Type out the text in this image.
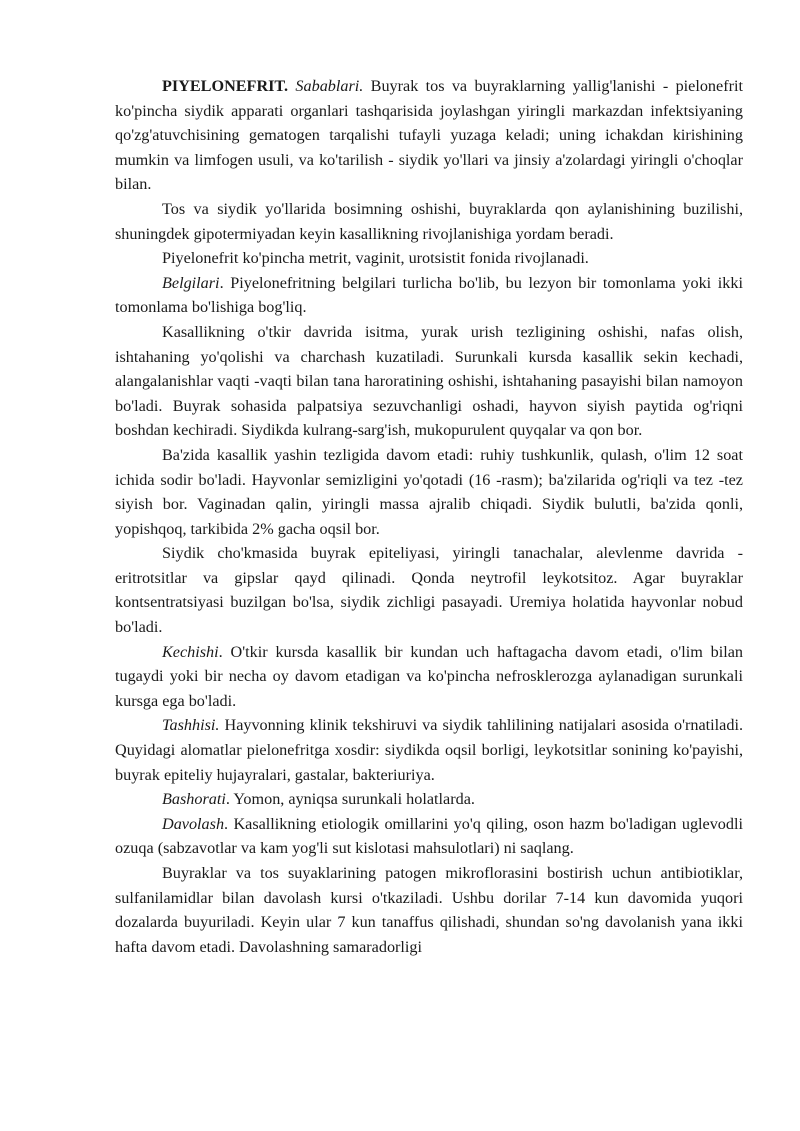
PIYELONEFRIT. Sabablari. Buyrak tos va buyraklarning yallig'lanishi - pielonefrit ko'pincha siydik apparati organlari tashqarisida joylashgan yiringli markazdan infektsiyaning qo'zg'atuvchisining gematogen tarqalishi tufayli yuzaga keladi; uning ichakdan kirishining mumkin va limfogen usuli, va ko'tarilish - siydik yo'llari va jinsiy a'zolardagi yiringli o'choqlar bilan.

Tos va siydik yo'llarida bosimning oshishi, buyraklarda qon aylanishining buzilishi, shuningdek gipotermiyadan keyin kasallikning rivojlanishiga yordam beradi.

Piyelonefrit ko'pincha metrit, vaginit, urotsistit fonida rivojlanadi.

Belgilari. Piyelonefritning belgilari turlicha bo'lib, bu lezyon bir tomonlama yoki ikki tomonlama bo'lishiga bog'liq.

Kasallikning o'tkir davrida isitma, yurak urish tezligining oshishi, nafas olish, ishtahaning yo'qolishi va charchash kuzatiladi. Surunkali kursda kasallik sekin kechadi, alangalanishlar vaqti -vaqti bilan tana haroratining oshishi, ishtahaning pasayishi bilan namoyon bo'ladi. Buyrak sohasida palpatsiya sezuvchanligi oshadi, hayvon siyish paytida og'riqni boshdan kechiradi. Siydikda kulrang-sarg'ish, mukopurulent quyqalar va qon bor.

Ba'zida kasallik yashin tezligida davom etadi: ruhiy tushkunlik, qulash, o'lim 12 soat ichida sodir bo'ladi. Hayvonlar semizligini yo'qotadi (16 -rasm); ba'zilarida og'riqli va tez -tez siyish bor. Vaginadan qalin, yiringli massa ajralib chiqadi. Siydik bulutli, ba'zida qonli, yopishqoq, tarkibida 2% gacha oqsil bor.

Siydik cho'kmasida buyrak epiteliyasi, yiringli tanachalar, alevlenme davrida - eritrotsitlar va gipslar qayd qilinadi. Qonda neytrofil leykotsitoz. Agar buyraklar kontsentratsiyasi buzilgan bo'lsa, siydik zichligi pasayadi. Uremiya holatida hayvonlar nobud bo'ladi.

Kechishi. O'tkir kursda kasallik bir kundan uch haftagacha davom etadi, o'lim bilan tugaydi yoki bir necha oy davom etadigan va ko'pincha nefrosklerozga aylanadigan surunkali kursga ega bo'ladi.

Tashhisi. Hayvonning klinik tekshiruvi va siydik tahlilining natijalari asosida o'rnatiladi. Quyidagi alomatlar pielonefritga xosdir: siydikda oqsil borligi, leykotsitlar sonining ko'payishi, buyrak epiteliy hujayralari, gastalar, bakteriuriya.

Bashorati. Yomon, ayniqsa surunkali holatlarda.

Davolash. Kasallikning etiologik omillarini yo'q qiling, oson hazm bo'ladigan uglevodli ozuqa (sabzavotlar va kam yog'li sut kislotasi mahsulotlari) ni saqlang.

Buyraklar va tos suyaklarining patogen mikroflorasini bostirish uchun antibiotiklar, sulfanilamidlar bilan davolash kursi o'tkaziladi. Ushbu dorilar 7-14 kun davomida yuqori dozalarda buyuriladi. Keyin ular 7 kun tanaffus qilishadi, shundan so'ng davolanish yana ikki hafta davom etadi. Davolashning samaradorligi
